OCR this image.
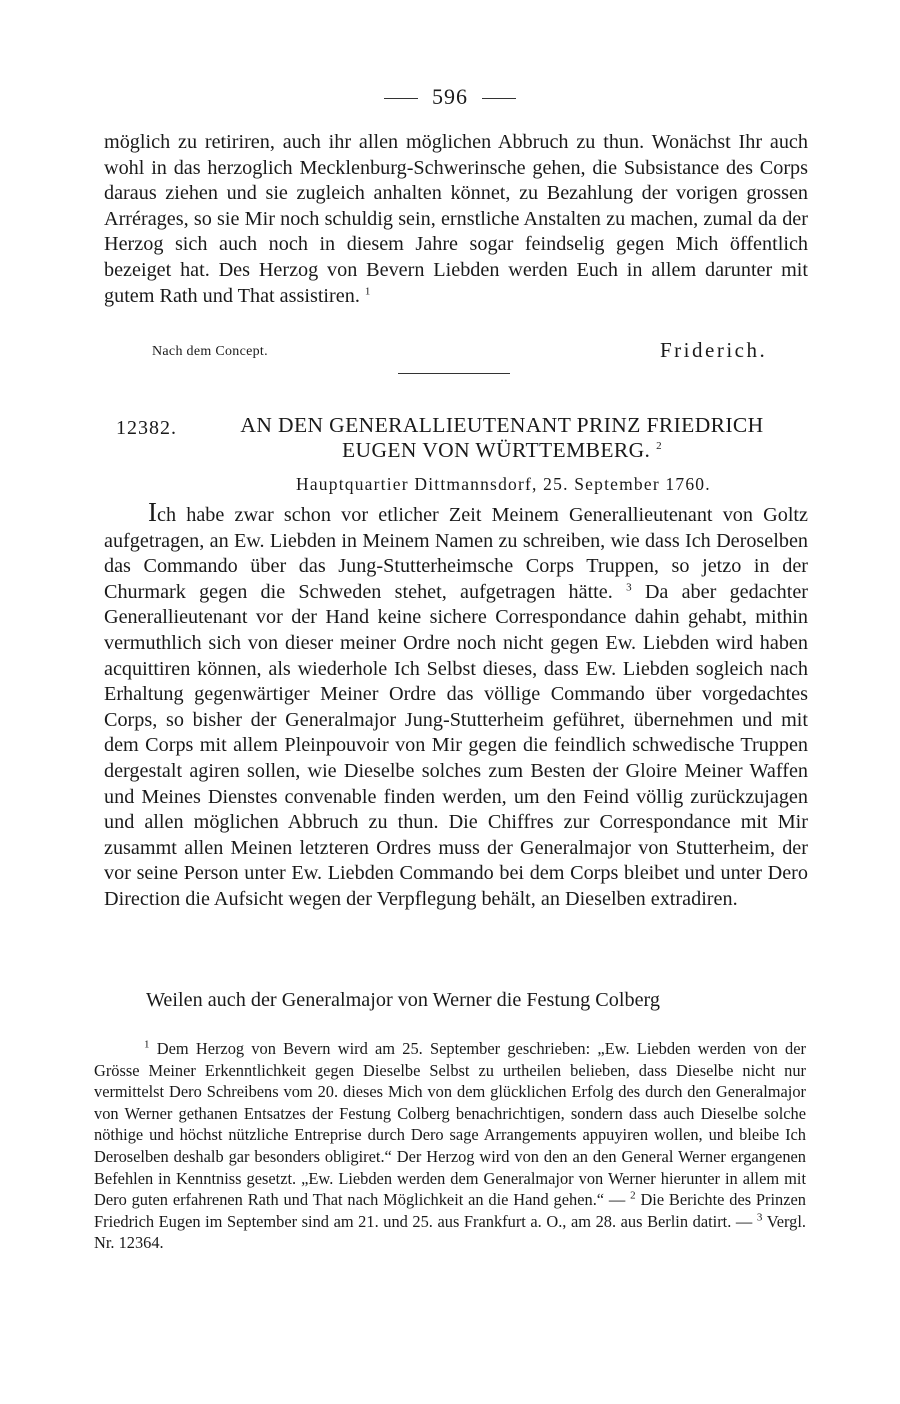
596

möglich zu retiriren, auch ihr allen möglichen Abbruch zu thun. Wonächst Ihr auch wohl in das herzoglich Mecklenburg-Schwerinsche gehen, die Subsistance des Corps daraus ziehen und sie zugleich anhalten könnet, zu Bezahlung der vorigen grossen Arrérages, so sie Mir noch schuldig sein, ernstliche Anstalten zu machen, zumal da der Herzog sich auch noch in diesem Jahre sogar feindselig gegen Mich öffentlich bezeiget hat. Des Herzog von Bevern Liebden werden Euch in allem darunter mit gutem Rath und That assistiren. $^1$

Nach dem Concept.	Friderich.
12382.	AN DEN GENERALLIEUTENANT PRINZ FRIEDRICH EUGEN VON WÜRTTEMBERG. $^2$

Hauptquartier Dittmannsdorf, 25. September 1760.

Ich habe zwar schon vor etlicher Zeit Meinem Generallieutenant von Goltz aufgetragen, an Ew. Liebden in Meinem Namen zu schreiben, wie dass Ich Deroselben das Commando über das Jung-Stutterheimsche Corps Truppen, so jetzo in der Churmark gegen die Schweden stehet, aufgetragen hätte. $^3$ Da aber gedachter Generallieutenant vor der Hand keine sichere Correspondance dahin gehabt, mithin vermuthlich sich von dieser meiner Ordre noch nicht gegen Ew. Liebden wird haben acquittiren können, als wiederhole Ich Selbst dieses, dass Ew. Liebden sogleich nach Erhaltung gegenwärtiger Meiner Ordre das völlige Commando über vorgedachtes Corps, so bisher der Generalmajor Jung-Stutterheim geführet, übernehmen und mit dem Corps mit allem Pleinpouvoir von Mir gegen die feindlich schwedische Truppen dergestalt agiren sollen, wie Dieselbe solches zum Besten der Gloire Meiner Waffen und Meines Dienstes convenable finden werden, um den Feind völlig zurückzujagen und allen möglichen Abbruch zu thun. Die Chiffres zur Correspondance mit Mir zusammt allen Meinen letzteren Ordres muss der Generalmajor von Stutterheim, der vor seine Person unter Ew. Liebden Commando bei dem Corps bleibet und unter Dero Direction die Aufsicht wegen der Verpflegung behält, an Dieselben extradiren.

Weilen auch der Generalmajor von Werner die Festung Colberg

$^1$ Dem Herzog von Bevern wird am 25. September geschrieben: „Ew. Liebden werden von der Grösse Meiner Erkenntlichkeit gegen Dieselbe Selbst zu urtheilen belieben, dass Dieselbe nicht nur vermittelst Dero Schreibens vom 20. dieses Mich von dem glücklichen Erfolg des durch den Generalmajor von Werner gethanen Entsatzes der Festung Colberg benachrichtigen, sondern dass auch Dieselbe solche nöthige und höchst nützliche Entreprise durch Dero sage Arrangements appuyiren wollen, und bleibe Ich Deroselben deshalb gar besonders obligiret.“ Der Herzog wird von den an den General Werner ergangenen Befehlen in Kenntniss gesetzt. „Ew. Liebden werden dem Generalmajor von Werner hierunter in allem mit Dero guten erfahrenen Rath und That nach Möglichkeit an die Hand gehen.“ — $^2$ Die Berichte des Prinzen Friedrich Eugen im September sind am 21. und 25. aus Frankfurt a. O., am 28. aus Berlin datirt. — $^3$ Vergl. Nr. 12364.
